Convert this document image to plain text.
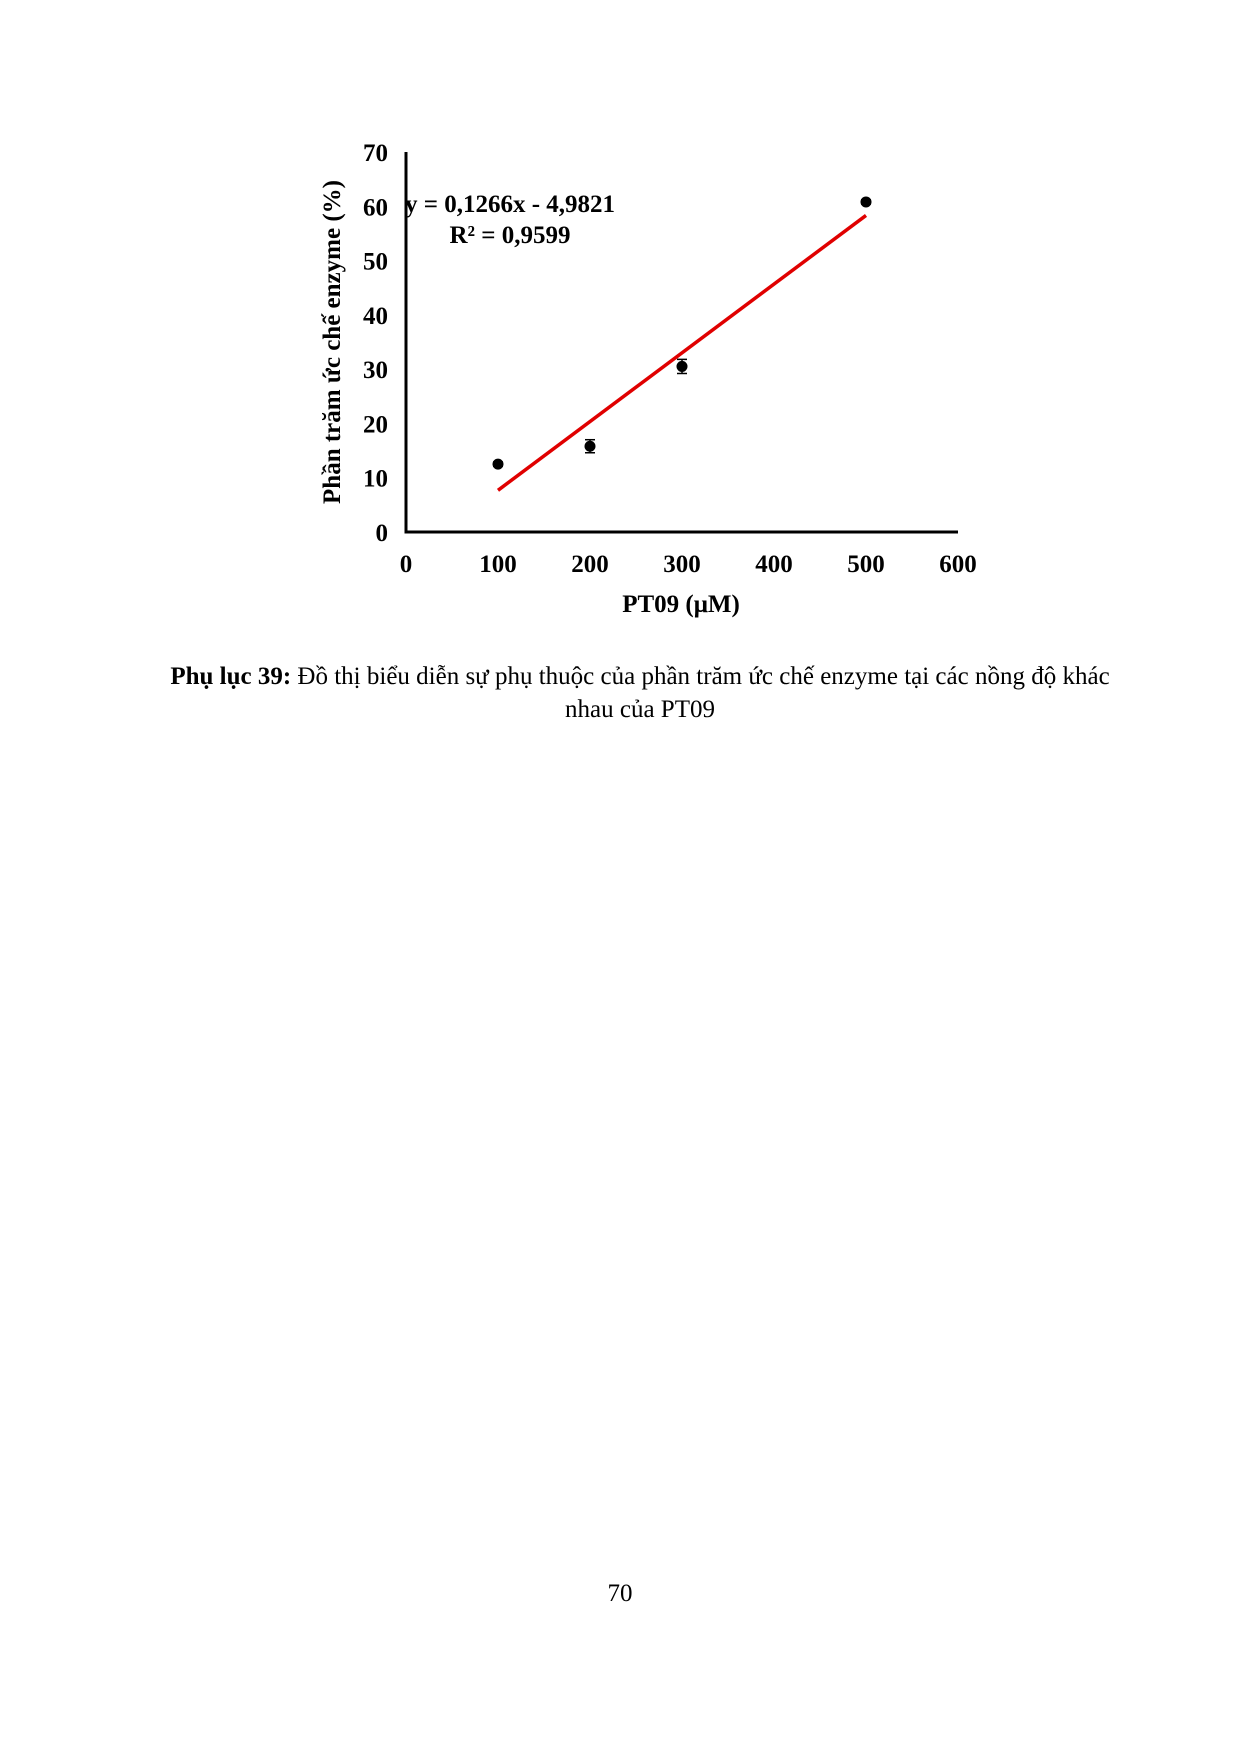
Phần trăm ức chế enzyme (%)
0
10
20
30
40
50
60
70
0	100 200 300 400 500 600
y = 0,1266x - 4,9821
R² = 0,9599
PT09 (μM)
Phụ lục 39: Đồ thị biểu diễn sự phụ thuộc của phần trăm ức chế enzyme tại các nồng độ khác nhau của PT09
70
